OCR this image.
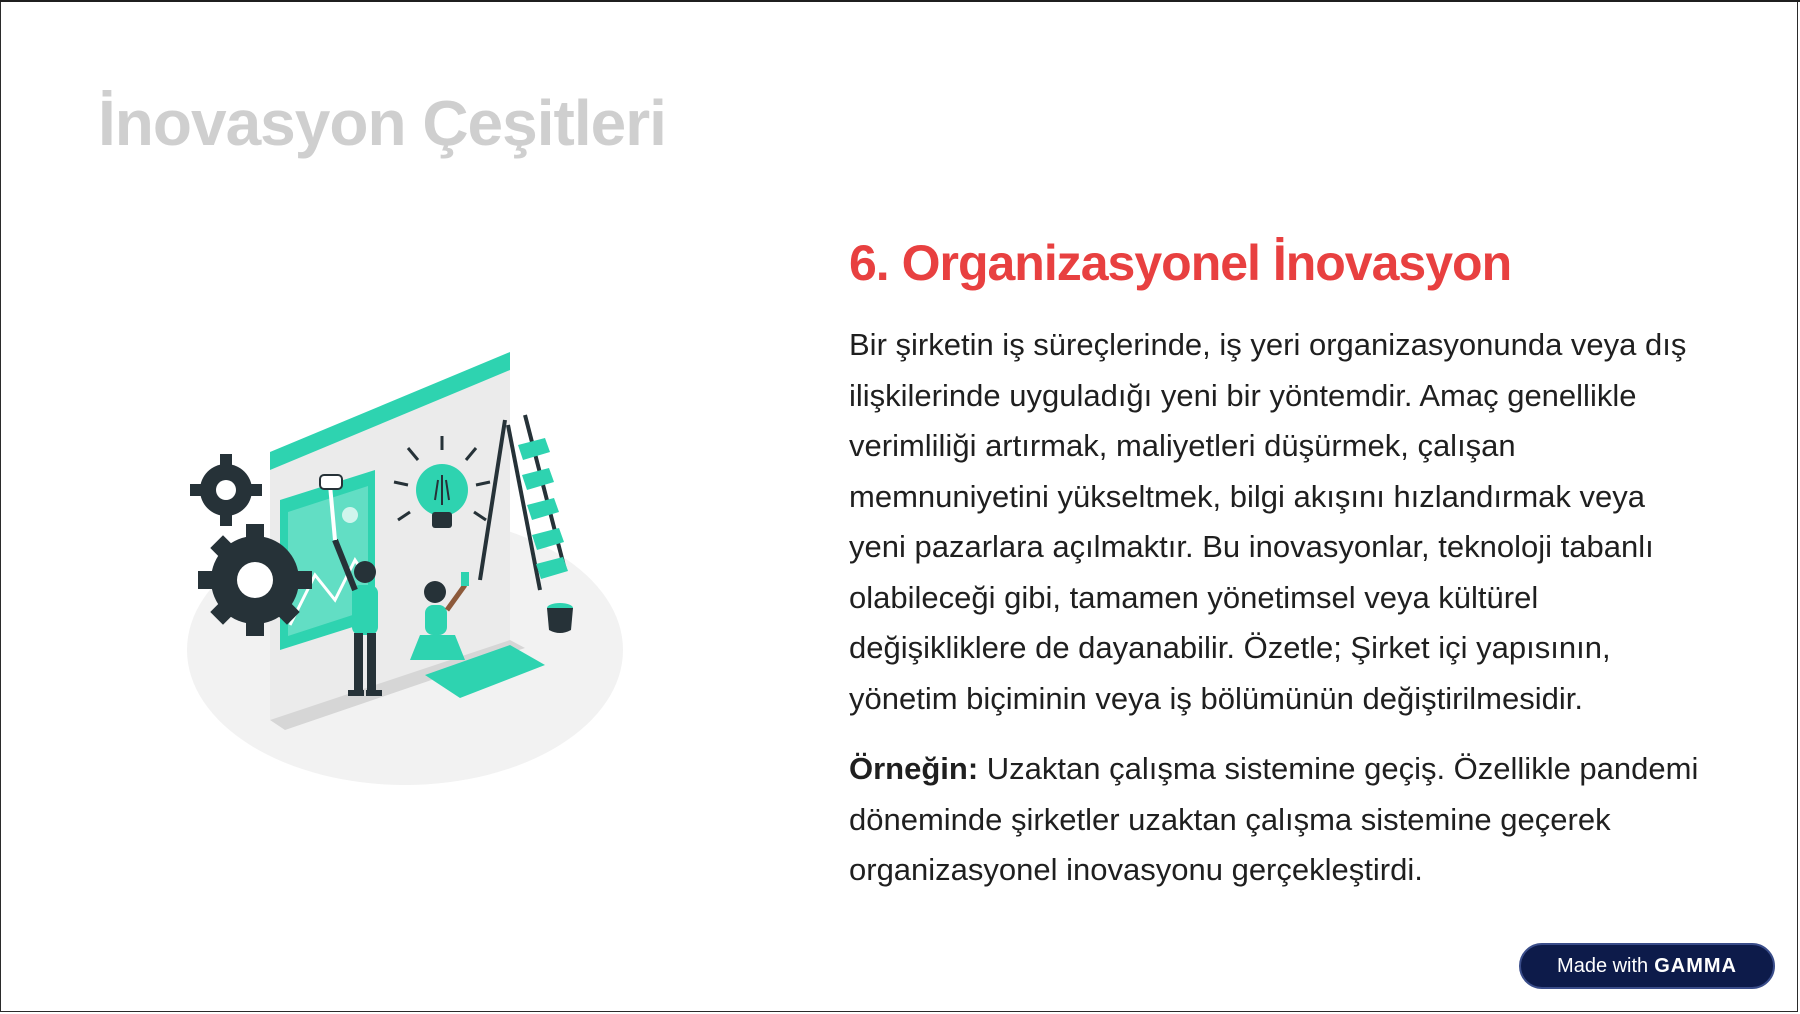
İnovasyon Çeşitleri
6. Organizasyonel İnovasyon

Bir şirketin iş süreçlerinde, iş yeri organizasyonunda veya dış ilişkilerinde uyguladığı yeni bir yöntemdir. Amaç genellikle verimliliği artırmak, maliyetleri düşürmek, çalışan memnuniyetini yükseltmek, bilgi akışını hızlandırmak veya yeni pazarlara açılmaktır. Bu inovasyonlar, teknoloji tabanlı olabileceği gibi, tamamen yönetimsel veya kültürel değişikliklere de dayanabilir. Özetle; Şirket içi yapısının, yönetim biçiminin veya iş bölümünün değiştirilmesidir.

Örneğin: Uzaktan çalışma sistemine geçiş. Özellikle pandemi döneminde şirketler uzaktan çalışma sistemine geçerek organizasyonel inovasyonu gerçekleştirdi.

Made with GAMMA
